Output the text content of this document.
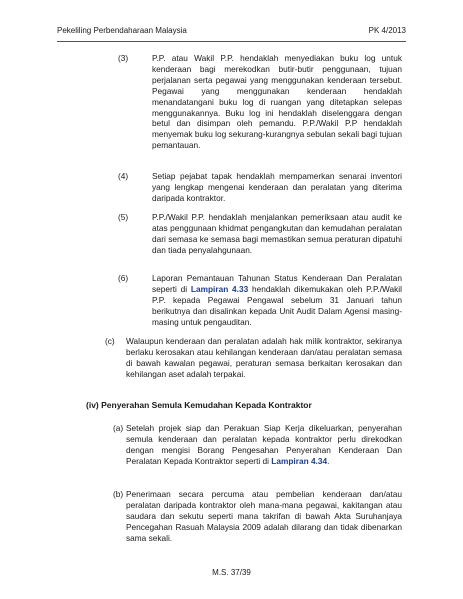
Pekeliling Perbendaharaan Malaysia	PK 4/2013
(3)	P.P. atau Wakil P.P. hendaklah menyediakan buku log untuk kenderaan bagi merekodkan butir-butir penggunaan, tujuan perjalanan serta pegawai yang menggunakan kenderaan tersebut. Pegawai yang menggunakan kenderaan hendaklah menandatangani buku log di ruangan yang ditetapkan selepas menggunakannya. Buku log ini hendaklah diselenggara dengan betul dan disimpan oleh pemandu. P.P./Wakil P.P hendaklah menyemak buku log sekurang-kurangnya sebulan sekali bagi tujuan pemantauan.
(4)	Setiap pejabat tapak hendaklah mempamerkan senarai inventori yang lengkap mengenai kenderaan dan peralatan yang diterima daripada kontraktor.
(5)	P.P./Wakil P.P. hendaklah menjalankan pemeriksaan atau audit ke atas penggunaan khidmat pengangkutan dan kemudahan peralatan dari semasa ke semasa bagi memastikan semua peraturan dipatuhi dan tiada penyalahgunaan.
(6)	Laporan Pemantauan Tahunan Status Kenderaan Dan Peralatan seperti di Lampiran 4.33 hendaklah dikemukakan oleh P.P./Wakil P.P. kepada Pegawai Pengawal sebelum 31 Januari tahun berikutnya dan disalinkan kepada Unit Audit Dalam Agensi masing-masing untuk pengauditan.
(c) Walaupun kenderaan dan peralatan adalah hak milik kontraktor, sekiranya berlaku kerosakan atau kehilangan kenderaan dan/atau peralatan semasa di bawah kawalan pegawai, peraturan semasa berkaitan kerosakan dan kehilangan aset adalah terpakai.
(iv) Penyerahan Semula Kemudahan Kepada Kontraktor
(a) Setelah projek siap dan Perakuan Siap Kerja dikeluarkan, penyerahan semula kenderaan dan peralatan kepada kontraktor perlu direkodkan dengan mengisi Borang Pengesahan Penyerahan Kenderaan Dan Peralatan Kepada Kontraktor seperti di Lampiran 4.34.
(b) Penerimaan secara percuma atau pembelian kenderaan dan/atau peralatan daripada kontraktor oleh mana-mana pegawai, kakitangan atau saudara dan sekutu seperti mana takrifan di bawah Akta Suruhanjaya Pencegahan Rasuah Malaysia 2009 adalah dilarang dan tidak dibenarkan sama sekali.
M.S. 37/39
